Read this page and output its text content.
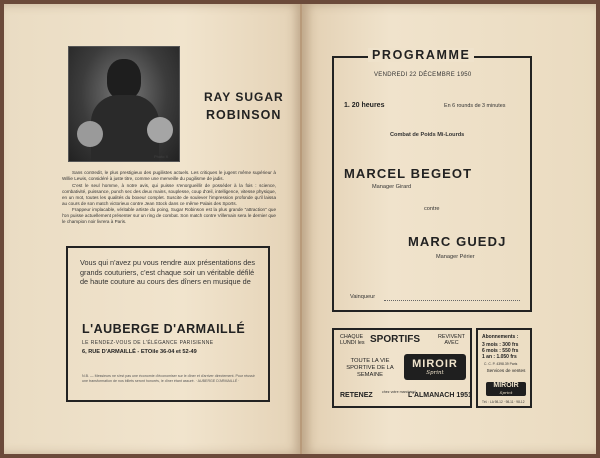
Photo X
RAY SUGAR
ROBINSON

Sans contredit, le plus prestigieux des pugilistes actuels. Les critiques le jugent même supérieur à Willie Lewis, considéré à juste titre, comme une merveille du pugilisme de jadis.

C'est le seul homme, à notre avis, qui puisse s'enorgueillir de posséder à la fois : science, combativité, puissance, punch sec des deux mains, souplesse, coup d'œil, intelligence, vitesse physique, en un mot, toutes les qualités du boxeur complet. Suscite de soulever l'impression profonde qu'il laissa au cours de son match victorieux contre Jean Stock dans ce même Palais des Sports.

Frappeur implacable, véritable artiste du poing, Sugar Robinson est la plus grande "attraction" que l'on puisse actuellement présenter sur un ring de combat. Son match contre Villemain sera le dernier que le champion noir livrera à Paris.

Vous qui n'avez pu vous rendre aux présentations des grands couturiers, c'est chaque soir un véritable défilé de haute couture au cours des dîners en musique de
L'AUBERGE D'ARMAILLÉ
LE RENDEZ-VOUS DE L'ÉLÉGANCE PARISIENNE
6, RUE D'ARMAILLÉ - ETOile 36-04 et 52-49
N.B. — Messieurs ne s'est pas une économie d'économiser sur le dîner et d'arriver directement. Pour réussir une transformation de nos billets seront honorés, le dîner étant assuré. · AUBERGE D'ARMAILLÉ ·
PROGRAMME
VENDREDI 22 DÉCEMBRE 1950
1. 20 heures	En 6 rounds de 3 minutes
Combat de Poids Mi-Lourds
MARCEL BEGEOT
Manager Girard
contre
MARC GUEDJ
Manager Périer
Vainqueur
CHAQUE
LUNDI les SPORTIFS	REVIVENT
AVEC
TOUTE LA VIE SPORTIVE DE LA SEMAINE
MIROIR
Sprint
RETENEZ	chez votre marchand
L'ALMANACH 1951
Abonnements :
3 mois : 300 frs
6 mois : 550 frs
1 an : 1.050 frs
C. C. P. 4398.39 Paris
Services de ventes
MIROIR
Sprint
Tél. : LA 98-12 · 98-11 · 98-12
